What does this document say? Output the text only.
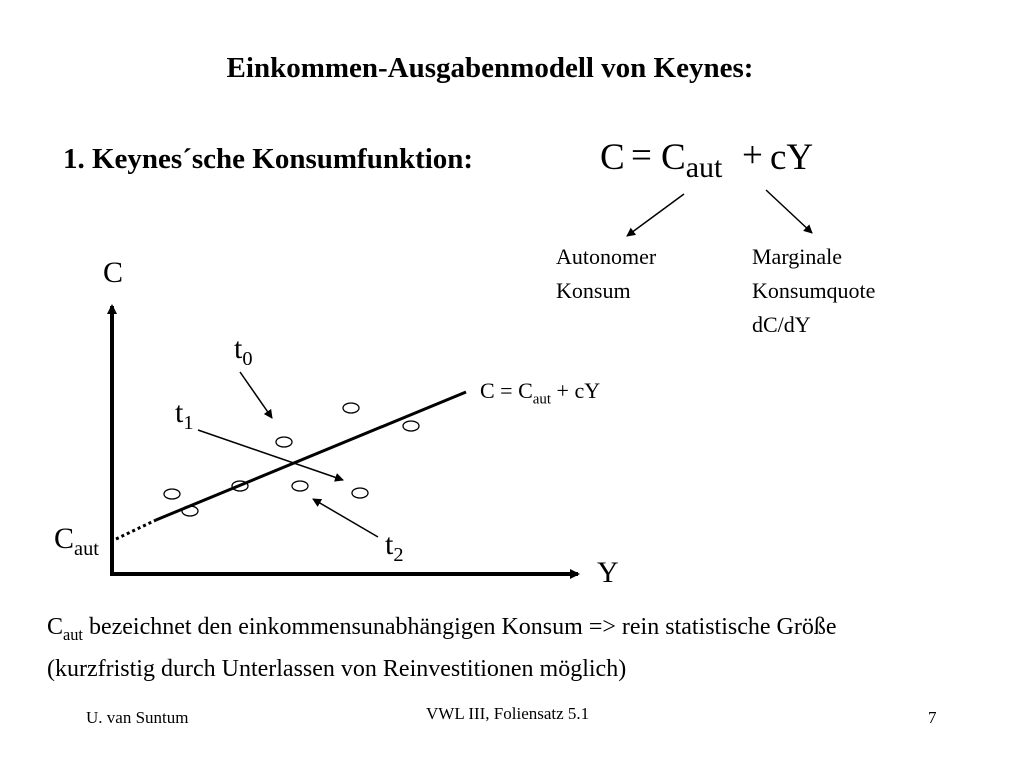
Einkommen-Ausgabenmodell von Keynes:
1. Keynes´sche Konsumfunktion:	$C = C_{aut}$ + cY
Autonomer
Konsum
Marginale
Konsumquote
dC/dY
C
Y
$C_{aut}$
$C = C_{aut}$ + cY
$t_0$
$t_1$
$t_2$
$C_{aut}$ bezeichnet den einkommensunabhängigen Konsum => rein statistische Größe
(kurzfristig durch Unterlassen von Reinvestitionen möglich)
U. van Suntum	VWL III, Foliensatz 5.1	7
